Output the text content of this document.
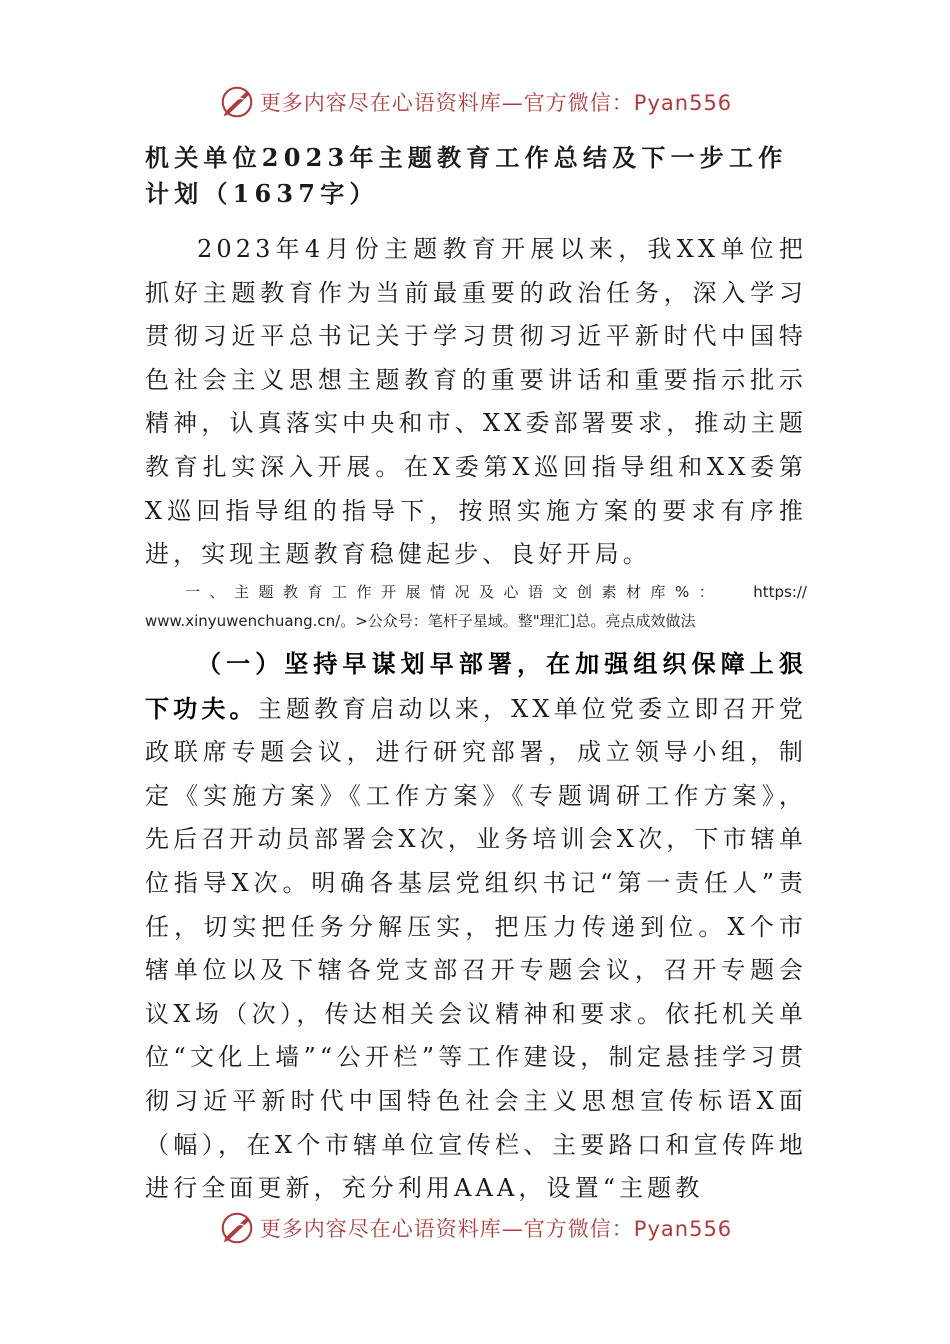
更多内容尽在心语资料库—官方微信：Pyan556
机关单位2023年主题教育工作总结及下一步工作计划（1637字）

2023年4月份主题教育开展以来，我XX单位把抓好主题教育作为当前最重要的政治任务，深入学习贯彻习近平总书记关于学习贯彻习近平新时代中国特色社会主义思想主题教育的重要讲话和重要指示批示精神，认真落实中央和市、XX委部署要求，推动主题教育扎实深入开展。在X委第X巡回指导组和XX委第X巡回指导组的指导下，按照实施方案的要求有序推进，实现主题教育稳健起步、良好开局。

一、主题教育工作开展情况及心语文创素材库%： https://
www.xinyuwenchuang.cn/。>公众号：笔杆子星域。整"理汇]总。亮点成效做法

（一）坚持早谋划早部署，在加强组织保障上狠下功夫。主题教育启动以来，XX单位党委立即召开党政联席专题会议，进行研究部署，成立领导小组，制定《实施方案》《工作方案》《专题调研工作方案》，先后召开动员部署会X次，业务培训会X次，下市辖单位指导X次。明确各基层党组织书记“第一责任人”责任，切实把任务分解压实，把压力传递到位。X个市辖单位以及下辖各党支部召开专题会议，召开专题会议X场（次），传达相关会议精神和要求。依托机关单位“文化上墙”“公开栏”等工作建设，制定悬挂学习贯彻习近平新时代中国特色社会主义思想宣传标语X面（幅），在X个市辖单位宣传栏、主要路口和宣传阵地进行全面更新，充分利用AAA，设置“主题教

更多内容尽在心语资料库—官方微信：Pyan556
